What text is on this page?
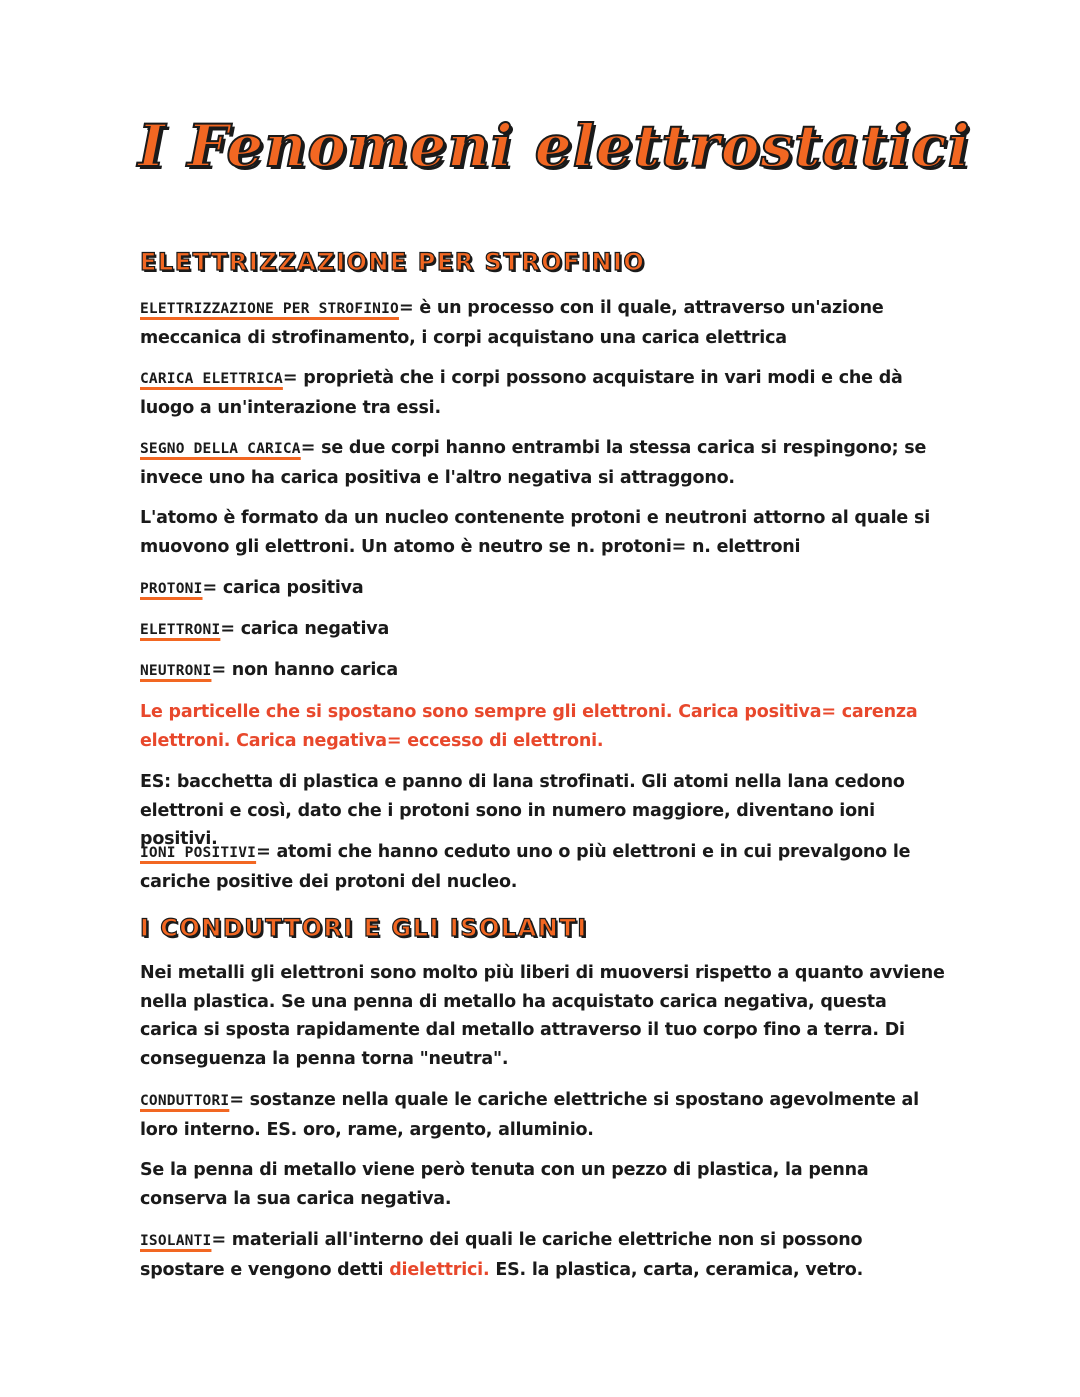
I Fenomeni elettrostatici
ELETTRIZZAZIONE PER STROFINIO

ELETTRIZZAZIONE PER STROFINIO= è un processo con il quale, attraverso un'azione meccanica di strofinamento, i corpi acquistano una carica elettrica

CARICA ELETTRICA= proprietà che i corpi possono acquistare in vari modi e che dà luogo a un'interazione tra essi.

SEGNO DELLA CARICA= se due corpi hanno entrambi la stessa carica si respingono; se invece uno ha carica positiva e l'altro negativa si attraggono.

L'atomo è formato da un nucleo contenente protoni e neutroni attorno al quale si muovono gli elettroni. Un atomo è neutro se n. protoni= n. elettroni

PROTONI= carica positiva

ELETTRONI= carica negativa

NEUTRONI= non hanno carica

Le particelle che si spostano sono sempre gli elettroni. Carica positiva= carenza elettroni. Carica negativa= eccesso di elettroni.

ES: bacchetta di plastica e panno di lana strofinati. Gli atomi nella lana cedono elettroni e così, dato che i protoni sono in numero maggiore, diventano ioni positivi.

IONI POSITIVI= atomi che hanno ceduto uno o più elettroni e in cui prevalgono le cariche positive dei protoni del nucleo.

I CONDUTTORI E GLI ISOLANTI

Nei metalli gli elettroni sono molto più liberi di muoversi rispetto a quanto avviene nella plastica. Se una penna di metallo ha acquistato carica negativa, questa carica si sposta rapidamente dal metallo attraverso il tuo corpo fino a terra. Di conseguenza la penna torna "neutra".

CONDUTTORI= sostanze nella quale le cariche elettriche si spostano agevolmente al loro interno. ES. oro, rame, argento, alluminio.

Se la penna di metallo viene però tenuta con un pezzo di plastica, la penna conserva la sua carica negativa.

ISOLANTI= materiali all'interno dei quali le cariche elettriche non si possono spostare e vengono detti dielettrici. ES. la plastica, carta, ceramica, vetro.
